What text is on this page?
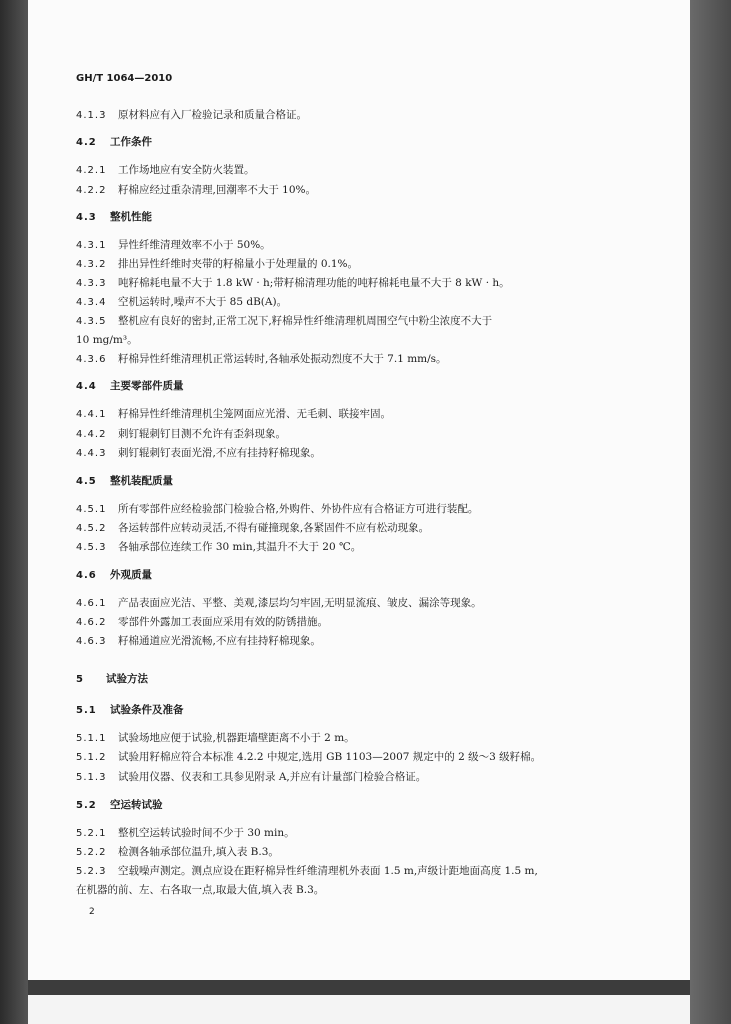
GH/T 1064—2010
2
4.1.3 原材料应有入厂检验记录和质量合格证。
4.2 工作条件
4.2.1 工作场地应有安全防火装置。
4.2.2 籽棉应经过重杂清理,回潮率不大于 10%。
4.3 整机性能
4.3.1 异性纤维清理效率不小于 50%。
4.3.2 排出异性纤维时夹带的籽棉量小于处理量的 0.1%。
4.3.3 吨籽棉耗电量不大于 1.8 kW · h;带籽棉清理功能的吨籽棉耗电量不大于 8 kW · h。
4.3.4 空机运转时,噪声不大于 85 dB(A)。
4.3.5 整机应有良好的密封,正常工况下,籽棉异性纤维清理机周围空气中粉尘浓度不大于
10 mg/m³。
4.3.6 籽棉异性纤维清理机正常运转时,各轴承处振动烈度不大于 7.1 mm/s。
4.4 主要零部件质量
4.4.1 籽棉异性纤维清理机尘笼网面应光滑、无毛刺、联接牢固。
4.4.2 刺钉辊刺钉目测不允许有歪斜现象。
4.4.3 刺钉辊刺钉表面光滑,不应有挂持籽棉现象。
4.5 整机装配质量
4.5.1 所有零部件应经检验部门检验合格,外购件、外协件应有合格证方可进行装配。
4.5.2 各运转部件应转动灵活,不得有碰撞现象,各紧固件不应有松动现象。
4.5.3 各轴承部位连续工作 30 min,其温升不大于 20 ℃。
4.6 外观质量
4.6.1 产品表面应光洁、平整、美观,漆层均匀牢固,无明显流痕、皱皮、漏涂等现象。
4.6.2 零部件外露加工表面应采用有效的防锈措施。
4.6.3 籽棉通道应光滑流畅,不应有挂持籽棉现象。
5 试验方法
5.1 试验条件及准备
5.1.1 试验场地应便于试验,机器距墙壁距离不小于 2 m。
5.1.2 试验用籽棉应符合本标准 4.2.2 中规定,选用 GB 1103—2007 规定中的 2 级～3 级籽棉。
5.1.3 试验用仪器、仪表和工具参见附录 A,并应有计量部门检验合格证。
5.2 空运转试验
5.2.1 整机空运转试验时间不少于 30 min。
5.2.2 检测各轴承部位温升,填入表 B.3。
5.2.3 空载噪声测定。测点应设在距籽棉异性纤维清理机外表面 1.5 m,声级计距地面高度 1.5 m,
在机器的前、左、右各取一点,取最大值,填入表 B.3。
